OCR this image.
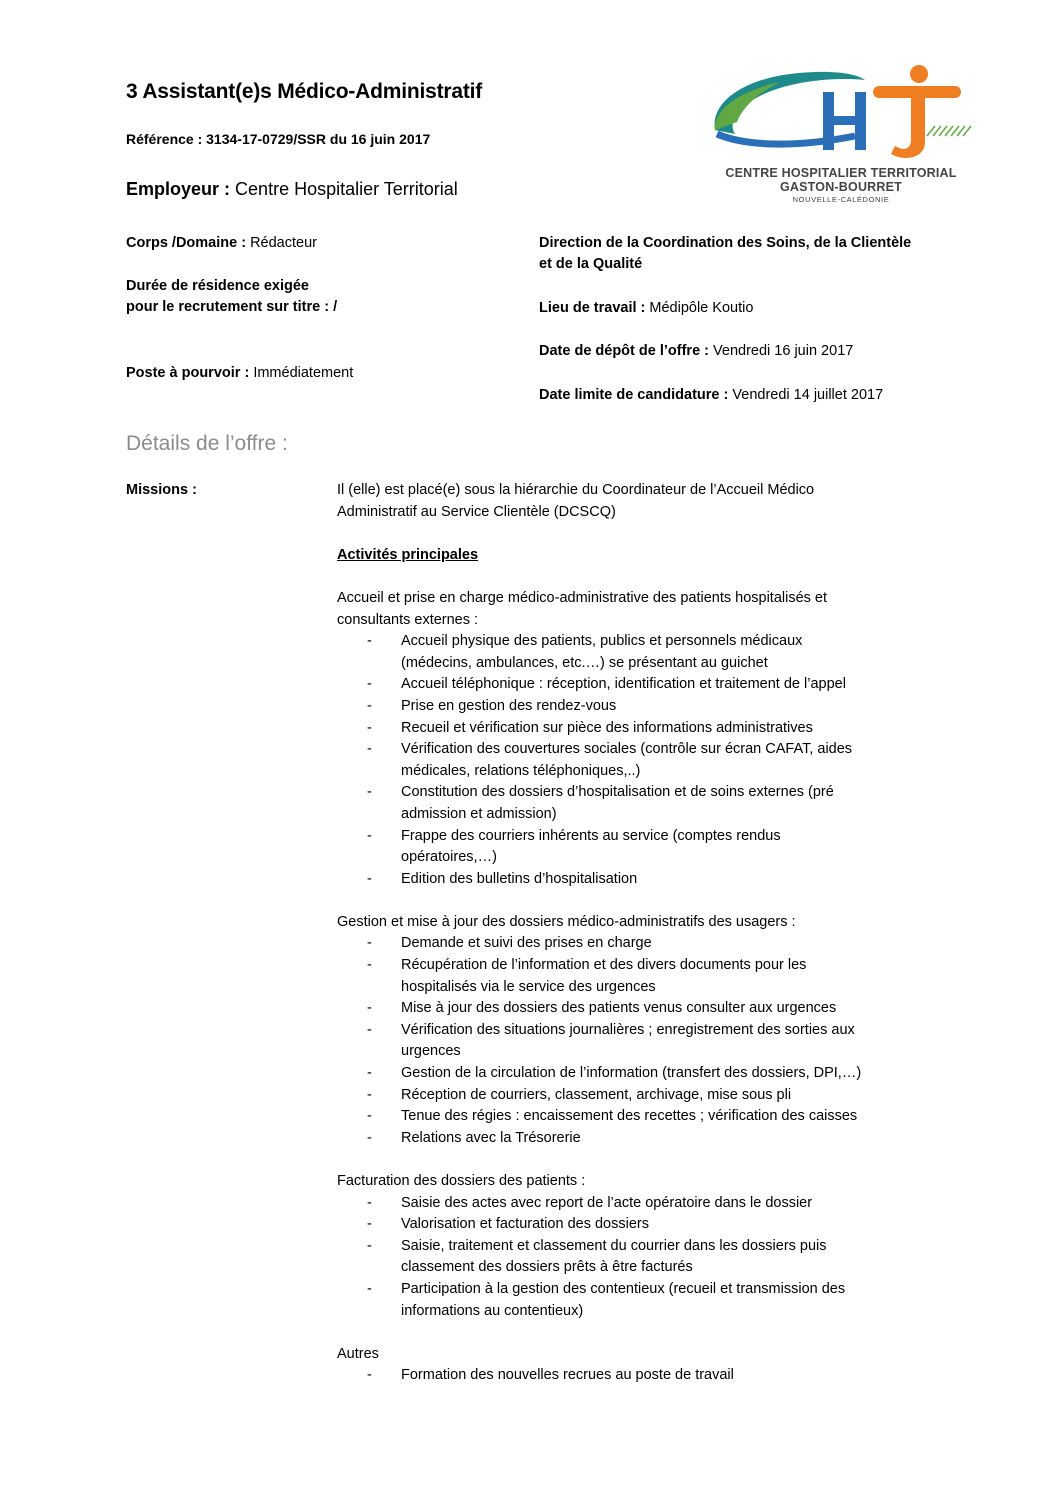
3 Assistant(e)s Médico-Administratif
Référence : 3134-17-0729/SSR du 16 juin 2017
Employeur : Centre Hospitalier Territorial
CENTRE HOSPITALIER TERRITORIAL
GASTON-BOURRET
NOUVELLE-CALÉDONIE
Corps /Domaine : Rédacteur
Durée de résidence exigée
pour le recrutement sur titre : /
Poste à pourvoir : Immédiatement
Direction de la Coordination des Soins, de la Clientèle
et de la Qualité
Lieu de travail : Médipôle Koutio
Date de dépôt de l’offre : Vendredi 16 juin 2017
Date limite de candidature : Vendredi 14 juillet 2017
Détails de l’offre :
Missions :	Il (elle) est placé(e) sous la hiérarchie du Coordinateur de l’Accueil Médico

Administratif au Service Clientèle (DCSCQ)

Activités principales

Accueil et prise en charge médico-administrative des patients hospitalisés et

consultants externes :

- Accueil physique des patients, publics et personnels médicaux
(médecins, ambulances, etc.…) se présentant au guichet
- Accueil téléphonique : réception, identification et traitement de l’appel
- Prise en gestion des rendez-vous
- Recueil et vérification sur pièce des informations administratives
- Vérification des couvertures sociales (contrôle sur écran CAFAT, aides
médicales, relations téléphoniques,..)
- Constitution des dossiers d’hospitalisation et de soins externes (pré
admission et admission)
- Frappe des courriers inhérents au service (comptes rendus
opératoires,…)
- Edition des bulletins d’hospitalisation

Gestion et mise à jour des dossiers médico-administratifs des usagers :

- Demande et suivi des prises en charge
- Récupération de l’information et des divers documents pour les
hospitalisés via le service des urgences
- Mise à jour des dossiers des patients venus consulter aux urgences
- Vérification des situations journalières ; enregistrement des sorties aux
urgences
- Gestion de la circulation de l’information (transfert des dossiers, DPI,…)
- Réception de courriers, classement, archivage, mise sous pli
- Tenue des régies : encaissement des recettes ; vérification des caisses
- Relations avec la Trésorerie

Facturation des dossiers des patients :

- Saisie des actes avec report de l’acte opératoire dans le dossier
- Valorisation et facturation des dossiers
- Saisie, traitement et classement du courrier dans les dossiers puis
classement des dossiers prêts à être facturés
- Participation à la gestion des contentieux (recueil et transmission des
informations au contentieux)

Autres

- Formation des nouvelles recrues au poste de travail
